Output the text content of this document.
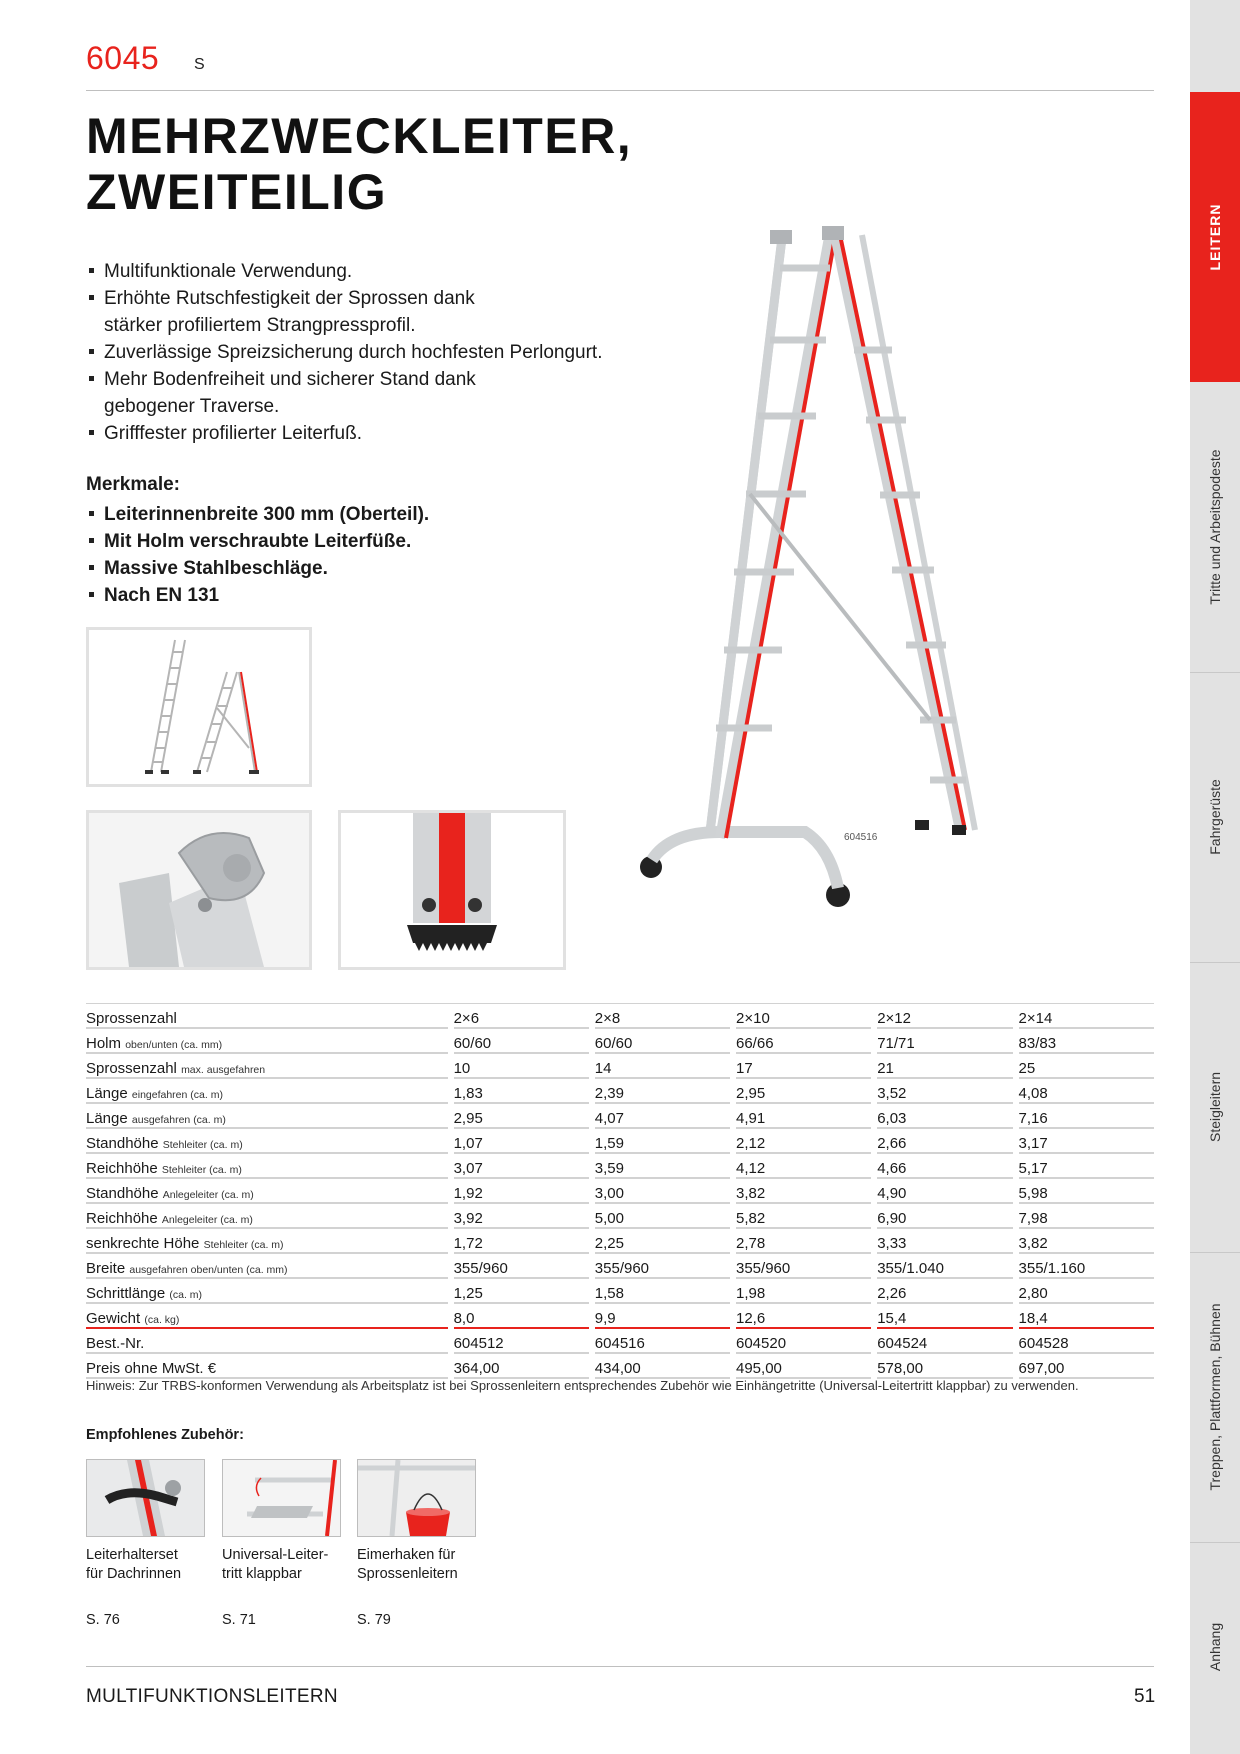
6045 S
MEHRZWECKLEITER,
ZWEITEILIG
Multifunktionale Verwendung.
Erhöhte Rutschfestigkeit der Sprossen dank stärker profiliertem Strangpressprofil.
Zuverlässige Spreizsicherung durch hochfesten Perlongurt.
Mehr Bodenfreiheit und sicherer Stand dank gebogener Traverse.
Grifffester profilierter Leiterfuß.
Merkmale:
Leiterinnenbreite 300 mm (Oberteil).
Mit Holm verschraubte Leiterfüße.
Massive Stahlbeschläge.
Nach EN 131
604516
LEITERN
Tritte und Arbeitspodeste
Fahrgerüste
Steigleitern
Treppen, Plattformen, Bühnen
Anhang
Sprossenzahl		2×6		2×8		2×10		2×12		2×14
Holm oben/unten (ca. mm)		60/60		60/60		66/66		71/71		83/83
Sprossenzahl max. ausgefahren		10		14		17		21		25
Länge eingefahren (ca. m)		1,83		2,39		2,95		3,52		4,08
Länge ausgefahren (ca. m)		2,95		4,07		4,91		6,03		7,16
Standhöhe Stehleiter (ca. m)		1,07		1,59		2,12		2,66		3,17
Reichhöhe Stehleiter (ca. m)		3,07		3,59		4,12		4,66		5,17
Standhöhe Anlegeleiter (ca. m)		1,92		3,00		3,82		4,90		5,98
Reichhöhe Anlegeleiter (ca. m)		3,92		5,00		5,82		6,90		7,98
senkrechte Höhe Stehleiter (ca. m)		1,72		2,25		2,78		3,33		3,82
Breite ausgefahren oben/unten (ca. mm)		355/960		355/960		355/960		355/1.040		355/1.160
Schrittlänge (ca. m)		1,25		1,58		1,98		2,26		2,80
Gewicht (ca. kg)		8,0		9,9		12,6		15,4		18,4
Best.-Nr.		604512		604516		604520		604524		604528
Preis ohne MwSt. €		364,00		434,00		495,00		578,00		697,00
Hinweis: Zur TRBS-konformen Verwendung als Arbeitsplatz ist bei Sprossenleitern entsprechendes Zubehör wie Einhängetritte (Universal-Leitertritt klappbar) zu verwenden.
Empfohlenes Zubehör:
Leiterhalterset
für Dachrinnen
Universal-Leiter-
tritt klappbar
Eimerhaken für
Sprossenleitern
S. 76	S. 71	S. 79
MULTIFUNKTIONSLEITERN	51
